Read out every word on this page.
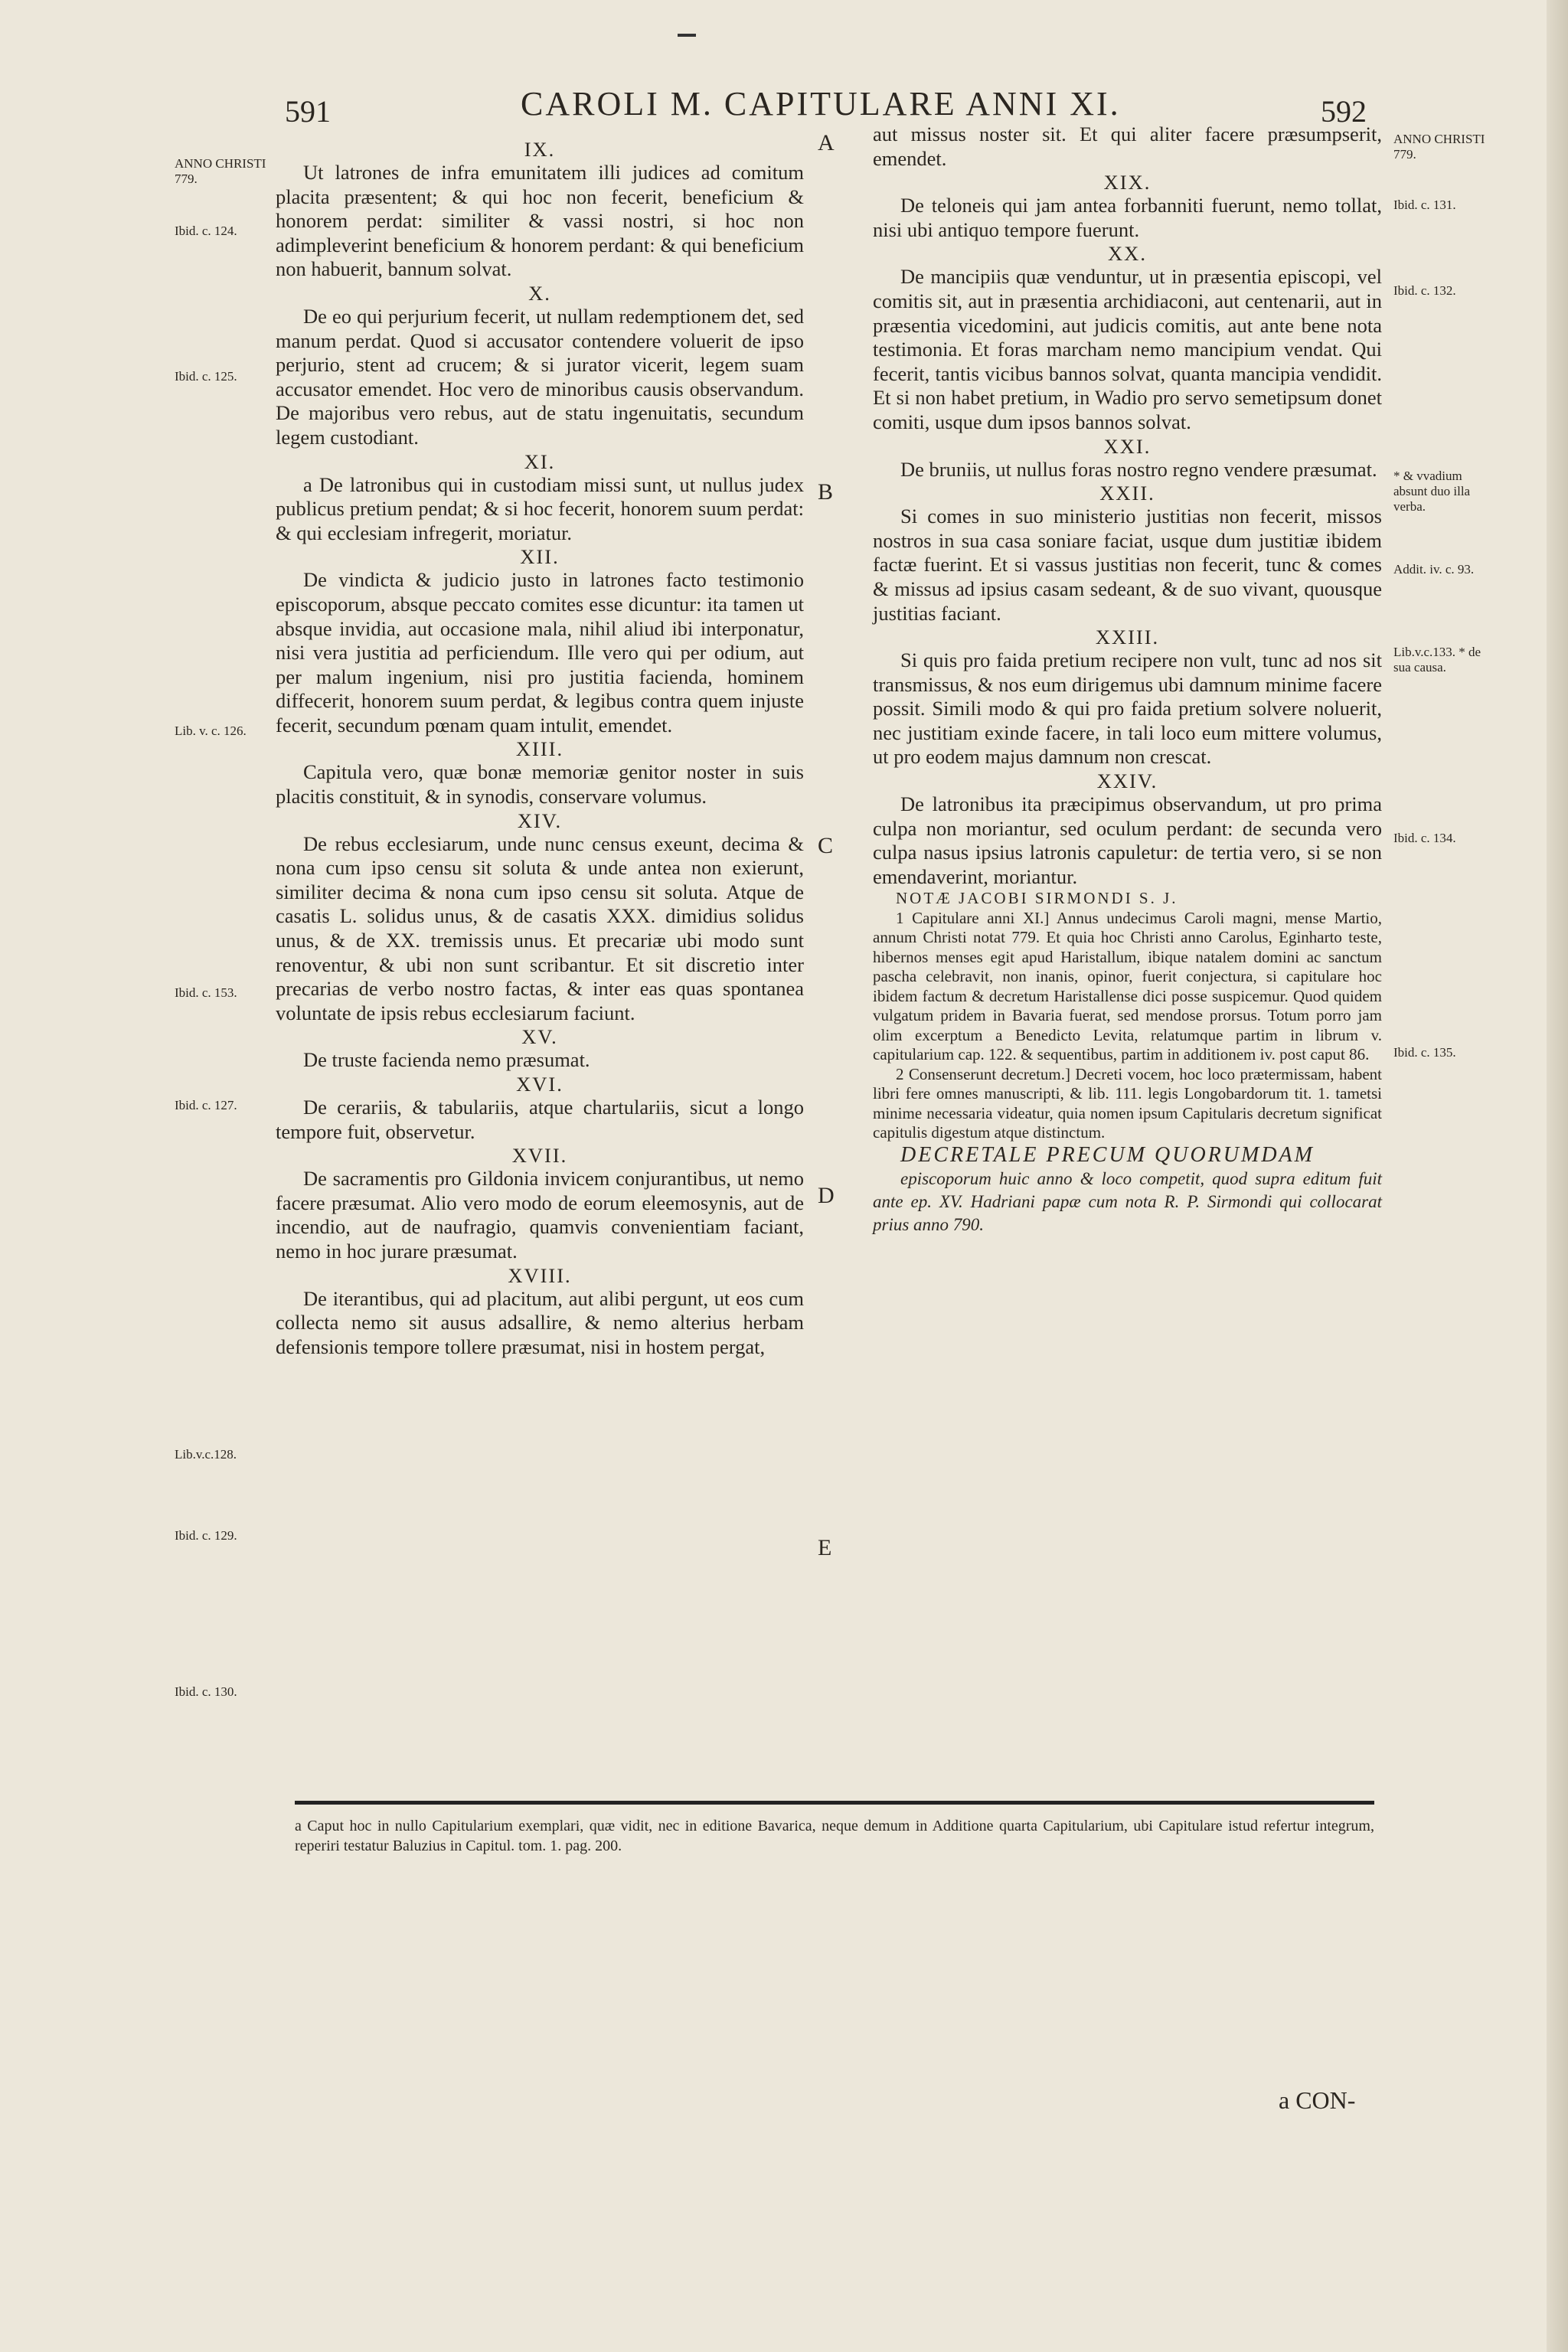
591	CAROLI M. CAPITULARE ANNI XI.	592
ANNO CHRISTI 779.
Ibid. c. 124.
Ibid. c. 125.
Lib. v. c. 126.
Ibid. c. 153.
Ibid. c. 127.
Lib.v.c.128.
Ibid. c. 129.
Ibid. c. 130.
ANNO CHRISTI 779.
Ibid. c. 131.
Ibid. c. 132.
* & vvadium absunt duo illa verba.
Addit. iv. c. 93.
Lib.v.c.133. * de sua causa.
Ibid. c. 134.
Ibid. c. 135.
A
B
C
D
E
IX.

Ut latrones de infra emunitatem illi judices ad comitum placita præsentent; & qui hoc non fecerit, beneficium & honorem perdat: similiter & vassi nostri, si hoc non adimpleverint beneficium & honorem perdant: & qui beneficium non habuerit, bannum solvat.

X.

De eo qui perjurium fecerit, ut nullam redemptionem det, sed manum perdat. Quod si accusator contendere voluerit de ipso perjurio, stent ad crucem; & si jurator vicerit, legem suam accusator emendet. Hoc vero de minoribus causis observandum. De majoribus vero rebus, aut de statu ingenuitatis, secundum legem custodiant.

XI.

a De latronibus qui in custodiam missi sunt, ut nullus judex publicus pretium pendat; & si hoc fecerit, honorem suum perdat: & qui ecclesiam infregerit, moriatur.

XII.

De vindicta & judicio justo in latrones facto testimonio episcoporum, absque peccato comites esse dicuntur: ita tamen ut absque invidia, aut occasione mala, nihil aliud ibi interponatur, nisi vera justitia ad perficiendum. Ille vero qui per odium, aut per malum ingenium, nisi pro justitia facienda, hominem diffecerit, honorem suum perdat, & legibus contra quem injuste fecerit, secundum pœnam quam intulit, emendet.

XIII.

Capitula vero, quæ bonæ memoriæ genitor noster in suis placitis constituit, & in synodis, conservare volumus.

XIV.

De rebus ecclesiarum, unde nunc census exeunt, decima & nona cum ipso censu sit soluta & unde antea non exierunt, similiter decima & nona cum ipso censu sit soluta. Atque de casatis L. solidus unus, & de casatis XXX. dimidius solidus unus, & de XX. tremissis unus. Et precariæ ubi modo sunt renoventur, & ubi non sunt scribantur. Et sit discretio inter precarias de verbo nostro factas, & inter eas quas spontanea voluntate de ipsis rebus ecclesiarum faciunt.

XV.

De truste facienda nemo præsumat.

XVI.

De cerariis, & tabulariis, atque chartulariis, sicut a longo tempore fuit, observetur.

XVII.

De sacramentis pro Gildonia invicem conjurantibus, ut nemo facere præsumat. Alio vero modo de eorum eleemosynis, aut de incendio, aut de naufragio, quamvis convenientiam faciant, nemo in hoc jurare præsumat.

XVIII.

De iterantibus, qui ad placitum, aut alibi pergunt, ut eos cum collecta nemo sit ausus adsallire, & nemo alterius herbam defensionis tempore tollere præsumat, nisi in hostem pergat,

aut missus noster sit. Et qui aliter facere præsumpserit, emendet.

XIX.

De teloneis qui jam antea forbanniti fuerunt, nemo tollat, nisi ubi antiquo tempore fuerunt.

XX.

De mancipiis quæ venduntur, ut in præsentia episcopi, vel comitis sit, aut in præsentia archidiaconi, aut centenarii, aut in præsentia vicedomini, aut judicis comitis, aut ante bene nota testimonia. Et foras marcham nemo mancipium vendat. Qui fecerit, tantis vicibus bannos solvat, quanta mancipia vendidit. Et si non habet pretium, in Wadio pro servo semetipsum donet comiti, usque dum ipsos bannos solvat.

XXI.

De bruniis, ut nullus foras nostro regno vendere præsumat.

XXII.

Si comes in suo ministerio justitias non fecerit, missos nostros in sua casa soniare faciat, usque dum justitiæ ibidem factæ fuerint. Et si vassus justitias non fecerit, tunc & comes & missus ad ipsius casam sedeant, & de suo vivant, quousque justitias faciant.

XXIII.

Si quis pro faida pretium recipere non vult, tunc ad nos sit transmissus, & nos eum dirigemus ubi damnum minime facere possit. Simili modo & qui pro faida pretium solvere noluerit, nec justitiam exinde facere, in tali loco eum mittere volumus, ut pro eodem majus damnum non crescat.

XXIV.

De latronibus ita præcipimus observandum, ut pro prima culpa non moriantur, sed oculum perdant: de secunda vero culpa nasus ipsius latronis capuletur: de tertia vero, si se non emendaverint, moriantur.

NOTÆ JACOBI SIRMONDI S. J.

1 Capitulare anni XI.] Annus undecimus Caroli magni, mense Martio, annum Christi notat 779. Et quia hoc Christi anno Carolus, Eginharto teste, hibernos menses egit apud Haristallum, ibique natalem domini ac sanctum pascha celebravit, non inanis, opinor, fuerit conjectura, si capitulare hoc ibidem factum & decretum Haristallense dici posse suspicemur. Quod quidem vulgatum pridem in Bavaria fuerat, sed mendose prorsus. Totum porro jam olim excerptum a Benedicto Levita, relatumque partim in librum v. capitularium cap. 122. & sequentibus, partim in additionem iv. post caput 86.

2 Consenserunt decretum.] Decreti vocem, hoc loco prætermissam, habent libri fere omnes manuscripti, & lib. 111. legis Longobardorum tit. 1. tametsi minime necessaria videatur, quia nomen ipsum Capitularis decretum significat capitulis digestum atque distinctum.

DECRETALE PRECUM QUORUMDAM

episcoporum huic anno & loco competit, quod supra editum fuit ante ep. XV. Hadriani papæ cum nota R. P. Sirmondi qui collocarat prius anno 790.

a Caput hoc in nullo Capitularium exemplari, quæ vidit, nec in editione Bavarica, neque demum in Additione quarta Capitularium, ubi Capitulare istud refertur integrum, reperiri testatur Baluzius in Capitul. tom. 1. pag. 200.
a CON-
